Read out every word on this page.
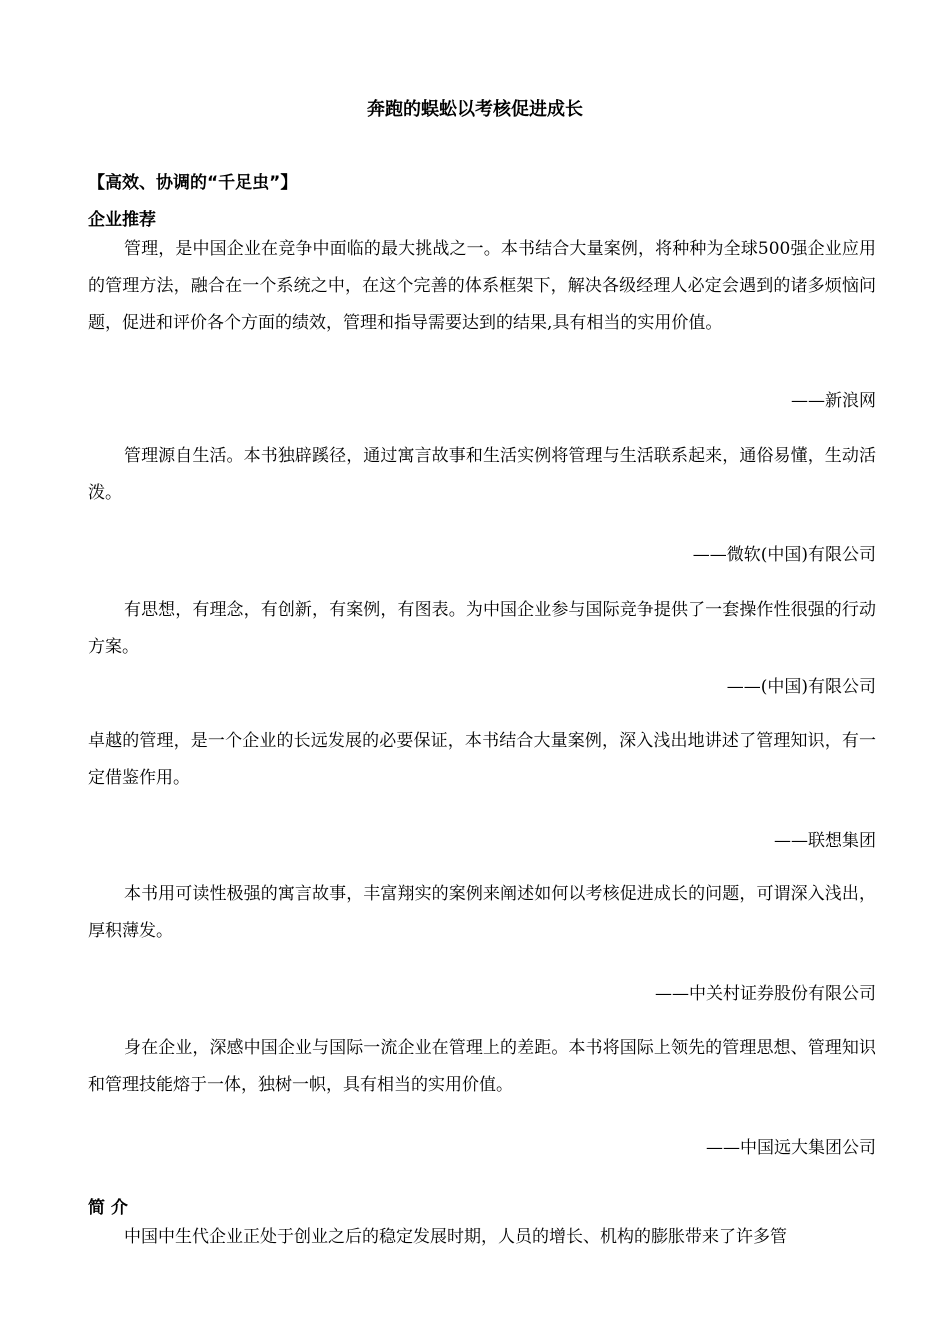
奔跑的蜈蚣以考核促进成长
【高效、协调的“千足虫”】
企业推荐
管理，是中国企业在竞争中面临的最大挑战之一。本书结合大量案例，将种种为全球500强企业应用的管理方法，融合在一个系统之中，在这个完善的体系框架下，解决各级经理人必定会遇到的诸多烦恼问题，促进和评价各个方面的绩效，管理和指导需要达到的结果,具有相当的实用价值。
——新浪网
管理源自生活。本书独辟蹊径，通过寓言故事和生活实例将管理与生活联系起来，通俗易懂，生动活泼。
——微软(中国)有限公司
有思想，有理念，有创新，有案例，有图表。为中国企业参与国际竞争提供了一套操作性很强的行动方案。
——(中国)有限公司
卓越的管理，是一个企业的长远发展的必要保证，本书结合大量案例，深入浅出地讲述了管理知识，有一定借鉴作用。
——联想集团
本书用可读性极强的寓言故事，丰富翔实的案例来阐述如何以考核促进成长的问题，可谓深入浅出，厚积薄发。
——中关村证券股份有限公司
身在企业，深感中国企业与国际一流企业在管理上的差距。本书将国际上领先的管理思想、管理知识和管理技能熔于一体，独树一帜，具有相当的实用价值。
——中国远大集团公司
简 介
中国中生代企业正处于创业之后的稳定发展时期，人员的增长、机构的膨胀带来了许多管
